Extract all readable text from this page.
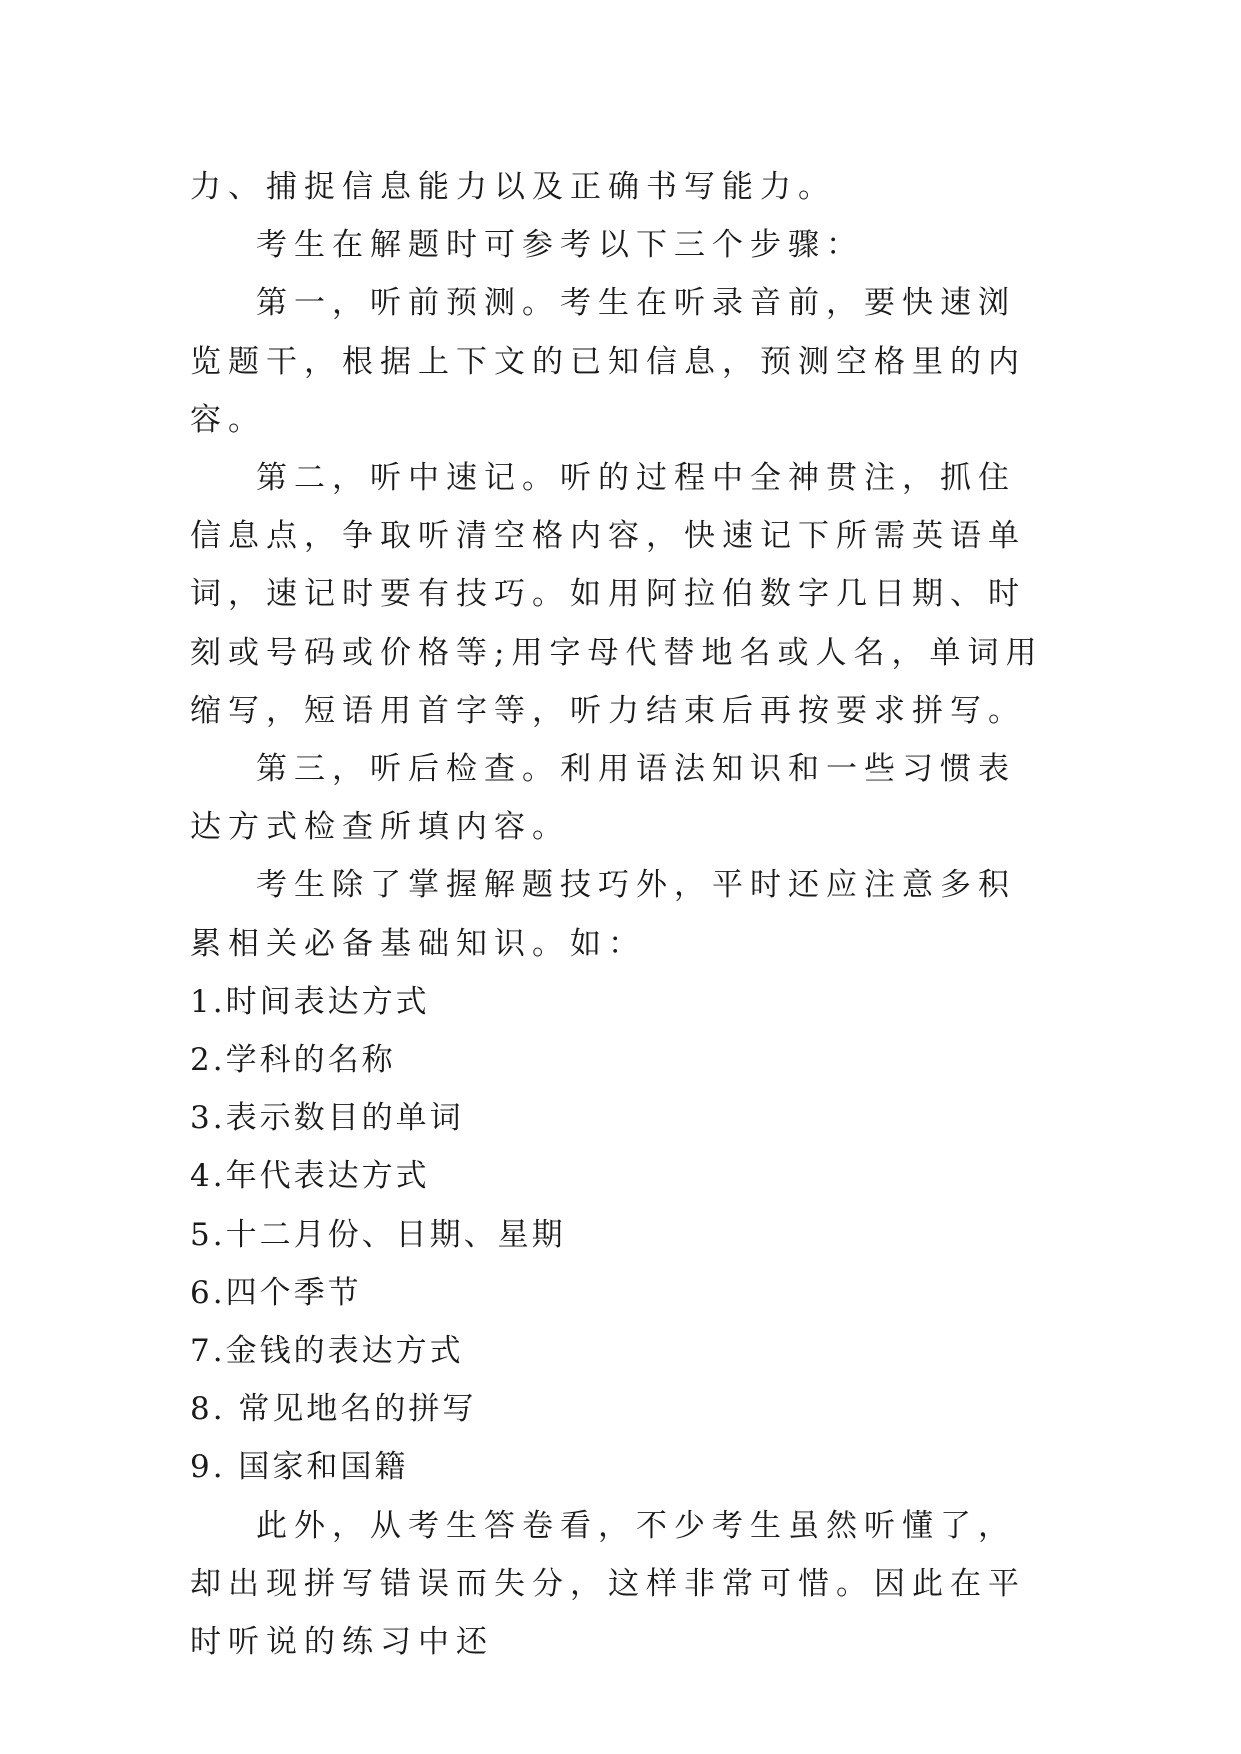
力、捕捉信息能力以及正确书写能力。

考生在解题时可参考以下三个步骤：

第一，听前预测。考生在听录音前，要快速浏览题干，根据上下文的已知信息，预测空格里的内容。

第二，听中速记。听的过程中全神贯注，抓住信息点，争取听清空格内容，快速记下所需英语单词，速记时要有技巧。如用阿拉伯数字几日期、时刻或号码或价格等;用字母代替地名或人名，单词用缩写，短语用首字等，听力结束后再按要求拼写。

第三，听后检查。利用语法知识和一些习惯表达方式检查所填内容。

考生除了掌握解题技巧外，平时还应注意多积累相关必备基础知识。如：

1.时间表达方式

2.学科的名称

3.表示数目的单词

4.年代表达方式

5.十二月份、日期、星期

6.四个季节

7.金钱的表达方式

8. 常见地名的拼写

9. 国家和国籍

此外，从考生答卷看，不少考生虽然听懂了，却出现拼写错误而失分，这样非常可惜。因此在平时听说的练习中还
